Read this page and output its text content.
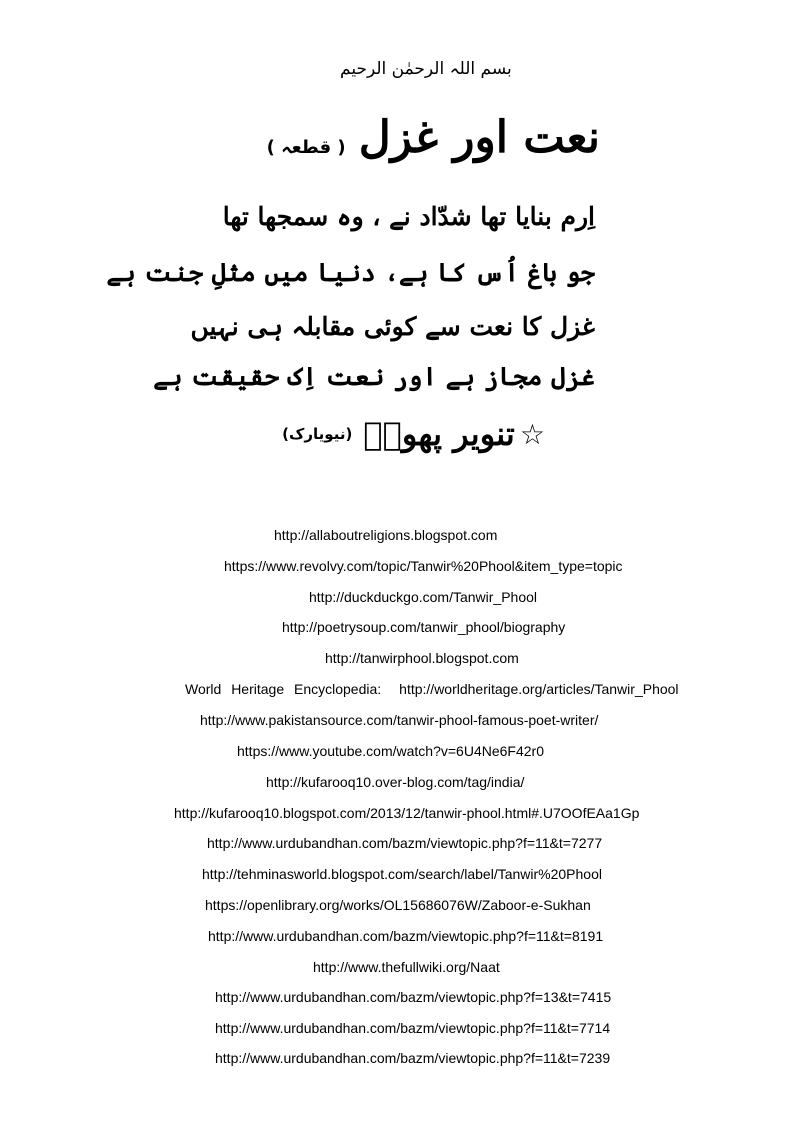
بسم اللہ الرحمٰن الرحیم
نعت اور غزل ( قطعہ )
اِرم بنایا تھا شدّاد نے ، وہ سمجھا تھا
جو باغ اُس کا ہے، دنیا میں مثلِ جنت ہے
غزل کا نعت سے کوئی مقابلہ ہی نہیں
غزل مجاز ہے اور نعت اِک حقیقت ہے
☆ تنویر پھولؔ (نیویارک)
http://allaboutreligions.blogspot.com
https://www.revolvy.com/topic/Tanwir%20Phool&item_type=topic
http://duckduckgo.com/Tanwir_Phool
http://poetrysoup.com/tanwir_phool/biography
http://tanwirphool.blogspot.com
World Heritage Encyclopedia: http://worldheritage.org/articles/Tanwir_Phool
http://www.pakistansource.com/tanwir-phool-famous-poet-writer/
https://www.youtube.com/watch?v=6U4Ne6F42r0
http://kufarooq10.over-blog.com/tag/india/
http://kufarooq10.blogspot.com/2013/12/tanwir-phool.html#.U7OOfEAa1Gp
http://www.urdubandhan.com/bazm/viewtopic.php?f=11&t=7277
http://tehminasworld.blogspot.com/search/label/Tanwir%20Phool
https://openlibrary.org/works/OL15686076W/Zaboor-e-Sukhan
http://www.urdubandhan.com/bazm/viewtopic.php?f=11&t=8191
http://www.thefullwiki.org/Naat
http://www.urdubandhan.com/bazm/viewtopic.php?f=13&t=7415
http://www.urdubandhan.com/bazm/viewtopic.php?f=11&t=7714
http://www.urdubandhan.com/bazm/viewtopic.php?f=11&t=7239
